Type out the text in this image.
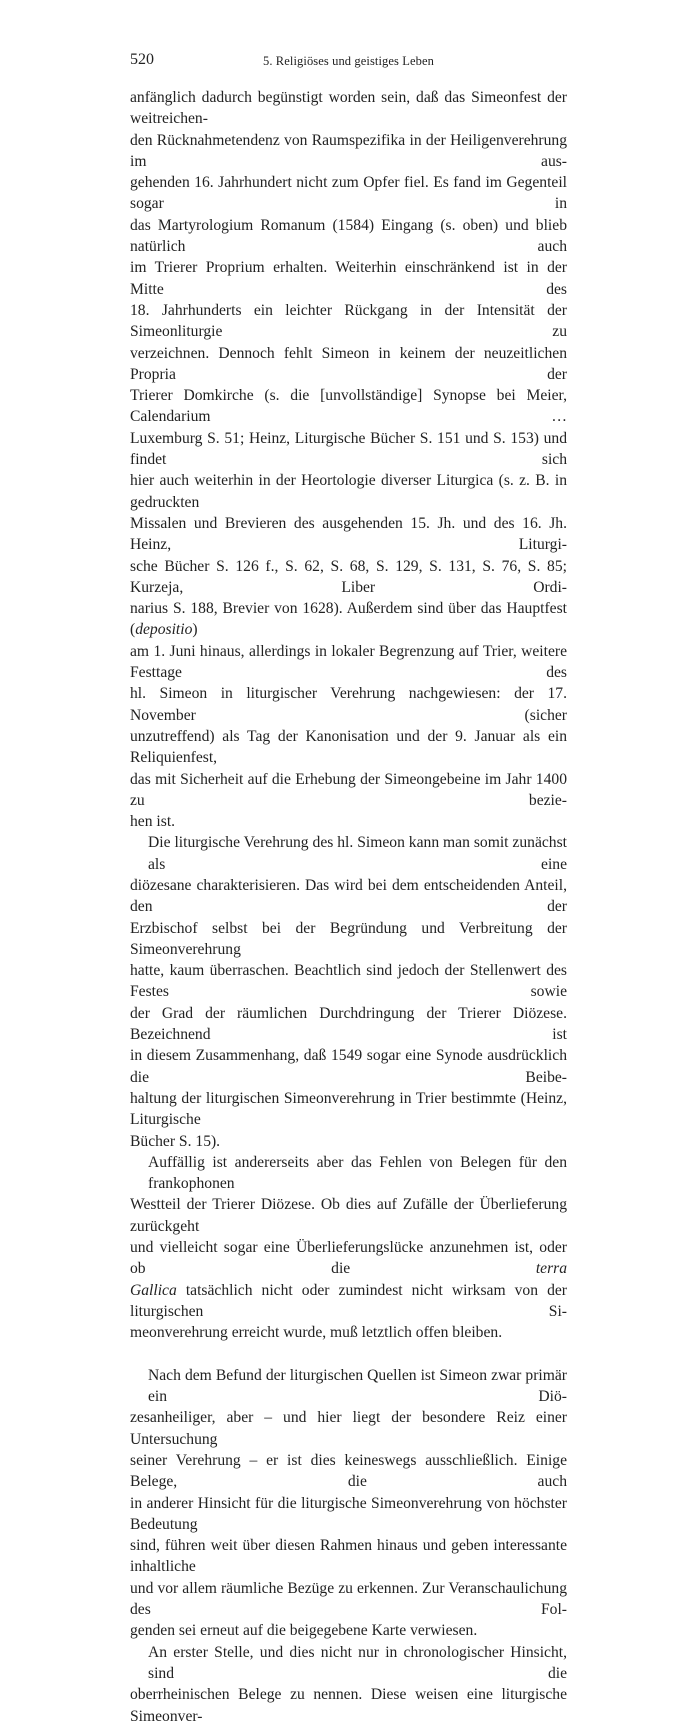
520	5. Religiöses und geistiges Leben
anfänglich dadurch begünstigt worden sein, daß das Simeonfest der weitreichen-
den Rücknahmetendenz von Raumspezifika in der Heiligenverehrung im aus-
gehenden 16. Jahrhundert nicht zum Opfer fiel. Es fand im Gegenteil sogar in
das Martyrologium Romanum (1584) Eingang (s. oben) und blieb natürlich auch
im Trierer Proprium erhalten. Weiterhin einschränkend ist in der Mitte des
18. Jahrhunderts ein leichter Rückgang in der Intensität der Simeonliturgie zu
verzeichnen. Dennoch fehlt Simeon in keinem der neuzeitlichen Propria der
Trierer Domkirche (s. die [unvollständige] Synopse bei Meier, Calendarium …
Luxemburg S. 51; Heinz, Liturgische Bücher S. 151 und S. 153) und findet sich
hier auch weiterhin in der Heortologie diverser Liturgica (s. z. B. in gedruckten
Missalen und Brevieren des ausgehenden 15. Jh. und des 16. Jh. Heinz, Liturgi-
sche Bücher S. 126 f., S. 62, S. 68, S. 129, S. 131, S. 76, S. 85; Kurzeja, Liber Ordi-
narius S. 188, Brevier von 1628). Außerdem sind über das Hauptfest (depositio)
am 1. Juni hinaus, allerdings in lokaler Begrenzung auf Trier, weitere Festtage des
hl. Simeon in liturgischer Verehrung nachgewiesen: der 17. November (sicher
unzutreffend) als Tag der Kanonisation und der 9. Januar als ein Reliquienfest,
das mit Sicherheit auf die Erhebung der Simeongebeine im Jahr 1400 zu bezie-
hen ist.
Die liturgische Verehrung des hl. Simeon kann man somit zunächst als eine
diözesane charakterisieren. Das wird bei dem entscheidenden Anteil, den der
Erzbischof selbst bei der Begründung und Verbreitung der Simeonverehrung
hatte, kaum überraschen. Beachtlich sind jedoch der Stellenwert des Festes sowie
der Grad der räumlichen Durchdringung der Trierer Diözese. Bezeichnend ist
in diesem Zusammenhang, daß 1549 sogar eine Synode ausdrücklich die Beibe-
haltung der liturgischen Simeonverehrung in Trier bestimmte (Heinz, Liturgische
Bücher S. 15).
Auffällig ist andererseits aber das Fehlen von Belegen für den frankophonen
Westteil der Trierer Diözese. Ob dies auf Zufälle der Überlieferung zurückgeht
und vielleicht sogar eine Überlieferungslücke anzunehmen ist, oder ob die terra
Gallica tatsächlich nicht oder zumindest nicht wirksam von der liturgischen Si-
meonverehrung erreicht wurde, muß letztlich offen bleiben.
Nach dem Befund der liturgischen Quellen ist Simeon zwar primär ein Diö-
zesanheiliger, aber – und hier liegt der besondere Reiz einer Untersuchung
seiner Verehrung – er ist dies keineswegs ausschließlich. Einige Belege, die auch
in anderer Hinsicht für die liturgische Simeonverehrung von höchster Bedeutung
sind, führen weit über diesen Rahmen hinaus und geben interessante inhaltliche
und vor allem räumliche Bezüge zu erkennen. Zur Veranschaulichung des Fol-
genden sei erneut auf die beigegebene Karte verwiesen.
An erster Stelle, und dies nicht nur in chronologischer Hinsicht, sind die
oberrheinischen Belege zu nennen. Diese weisen eine liturgische Simeonver-
